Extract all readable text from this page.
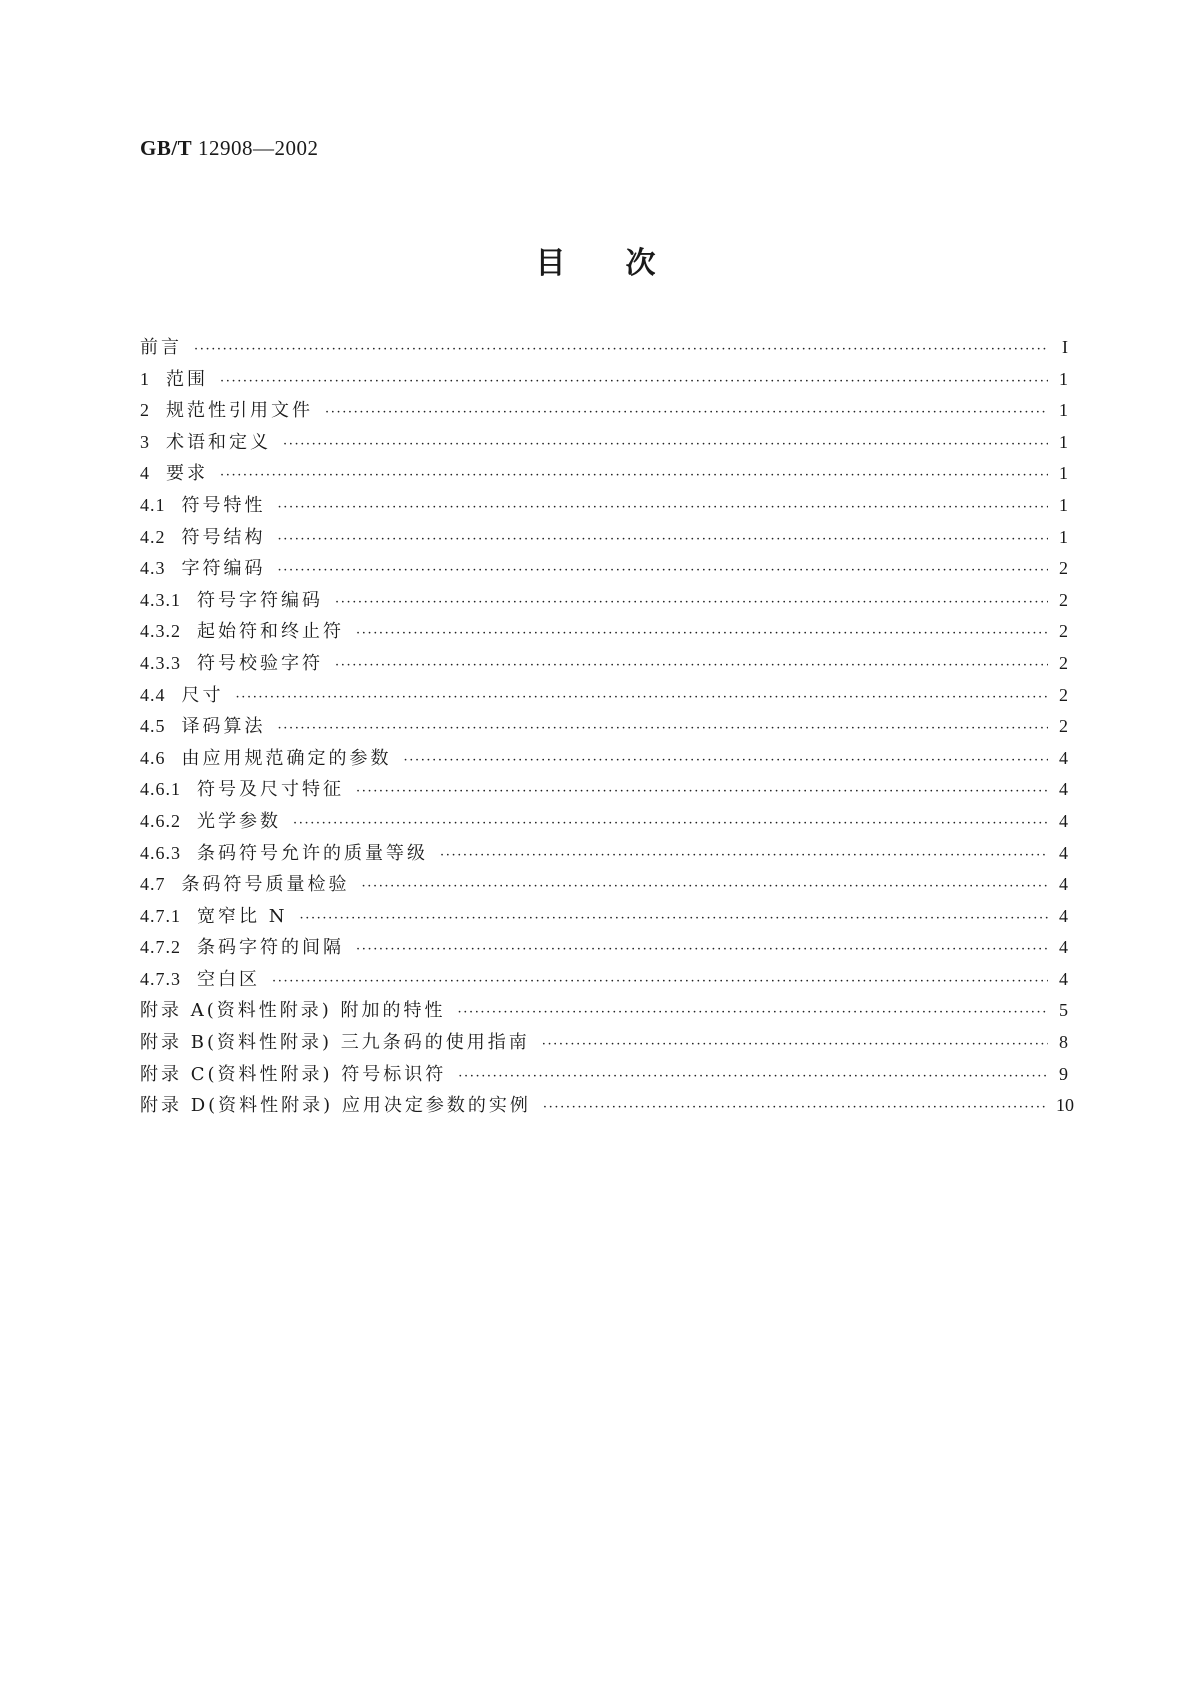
GB/T 12908—2002
目次
前言 ·····	I
1 范围 ·····	1
2 规范性引用文件 ·····	1
3 术语和定义 ·····	1
4 要求 ·····	1
4.1 符号特性 ·····	1
4.2 符号结构 ·····	1
4.3 字符编码 ·····	2
4.3.1 符号字符编码 ·····	2
4.3.2 起始符和终止符 ·····	2
4.3.3 符号校验字符 ·····	2
4.4 尺寸 ·····	2
4.5 译码算法 ·····	2
4.6 由应用规范确定的参数 ·····	4
4.6.1 符号及尺寸特征 ·····	4
4.6.2 光学参数 ·····	4
4.6.3 条码符号允许的质量等级 ·····	4
4.7 条码符号质量检验 ·····	4
4.7.1 宽窄比 N ·····	4
4.7.2 条码字符的间隔 ·····	4
4.7.3 空白区 ·····	4
附录 A(资料性附录) 附加的特性 ·····	5
附录 B(资料性附录) 三九条码的使用指南 ·····	8
附录 C(资料性附录) 符号标识符 ·····	9
附录 D(资料性附录) 应用决定参数的实例 ·····	10
